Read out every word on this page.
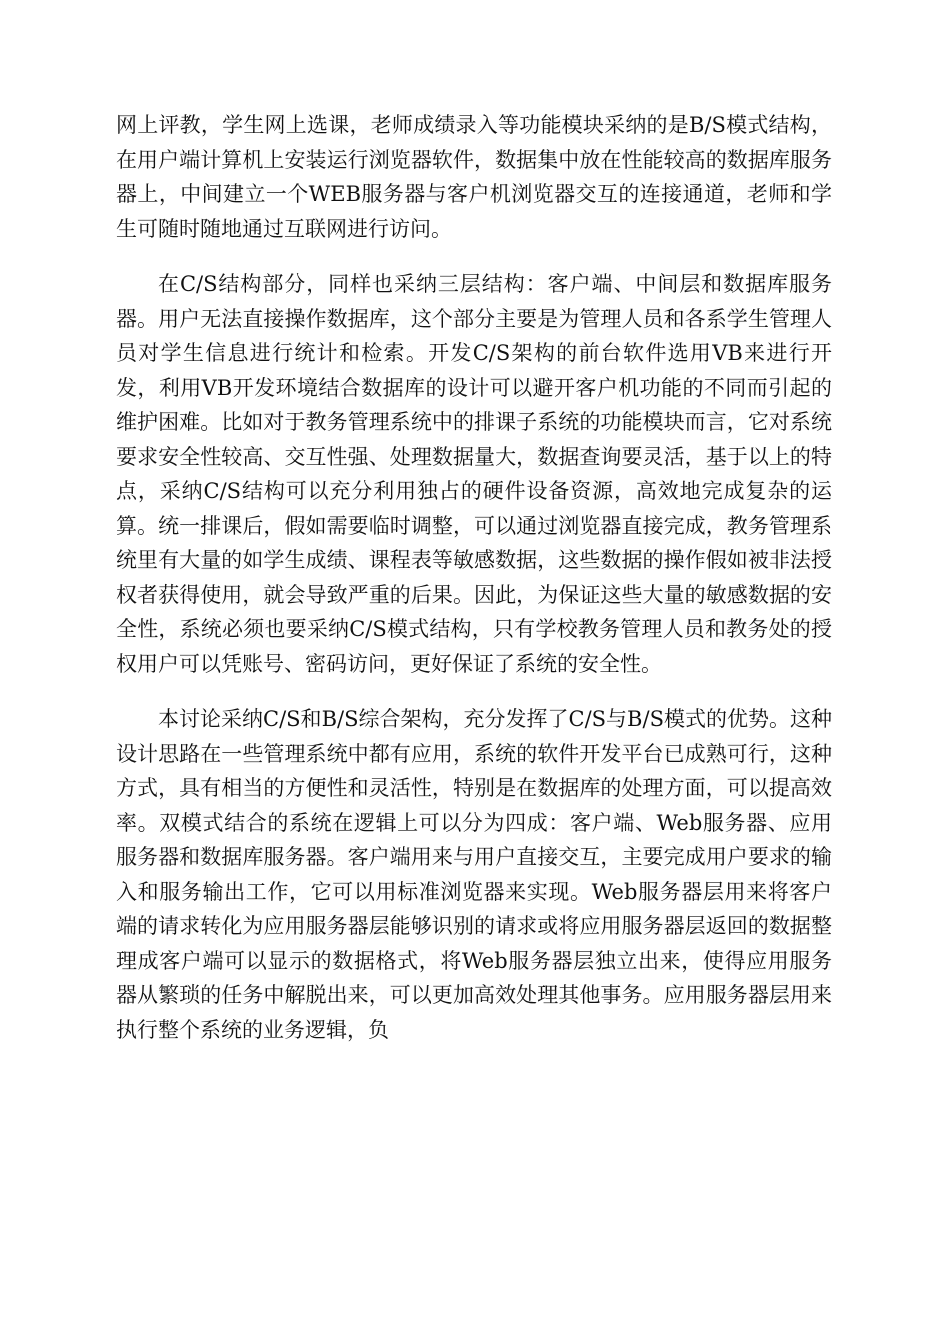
网上评教，学生网上选课，老师成绩录入等功能模块采纳的是B/S模式结构，在用户端计算机上安装运行浏览器软件，数据集中放在性能较高的数据库服务器上，中间建立一个WEB服务器与客户机浏览器交互的连接通道，老师和学生可随时随地通过互联网进行访问。

在C/S结构部分，同样也采纳三层结构：客户端、中间层和数据库服务器。用户无法直接操作数据库，这个部分主要是为管理人员和各系学生管理人员对学生信息进行统计和检索。开发C/S架构的前台软件选用VB来进行开发，利用VB开发环境结合数据库的设计可以避开客户机功能的不同而引起的维护困难。比如对于教务管理系统中的排课子系统的功能模块而言，它对系统要求安全性较高、交互性强、处理数据量大，数据查询要灵活，基于以上的特点，采纳C/S结构可以充分利用独占的硬件设备资源，高效地完成复杂的运算。统一排课后，假如需要临时调整，可以通过浏览器直接完成，教务管理系统里有大量的如学生成绩、课程表等敏感数据，这些数据的操作假如被非法授权者获得使用，就会导致严重的后果。因此，为保证这些大量的敏感数据的安全性，系统必须也要采纳C/S模式结构，只有学校教务管理人员和教务处的授权用户可以凭账号、密码访问，更好保证了系统的安全性。

本讨论采纳C/S和B/S综合架构，充分发挥了C/S与B/S模式的优势。这种设计思路在一些管理系统中都有应用，系统的软件开发平台已成熟可行，这种方式，具有相当的方便性和灵活性，特别是在数据库的处理方面，可以提高效率。双模式结合的系统在逻辑上可以分为四成：客户端、Web服务器、应用服务器和数据库服务器。客户端用来与用户直接交互，主要完成用户要求的输入和服务输出工作，它可以用标准浏览器来实现。Web服务器层用来将客户端的请求转化为应用服务器层能够识别的请求或将应用服务器层返回的数据整理成客户端可以显示的数据格式，将Web服务器层独立出来，使得应用服务器从繁琐的任务中解脱出来，可以更加高效处理其他事务。应用服务器层用来执行整个系统的业务逻辑，负
